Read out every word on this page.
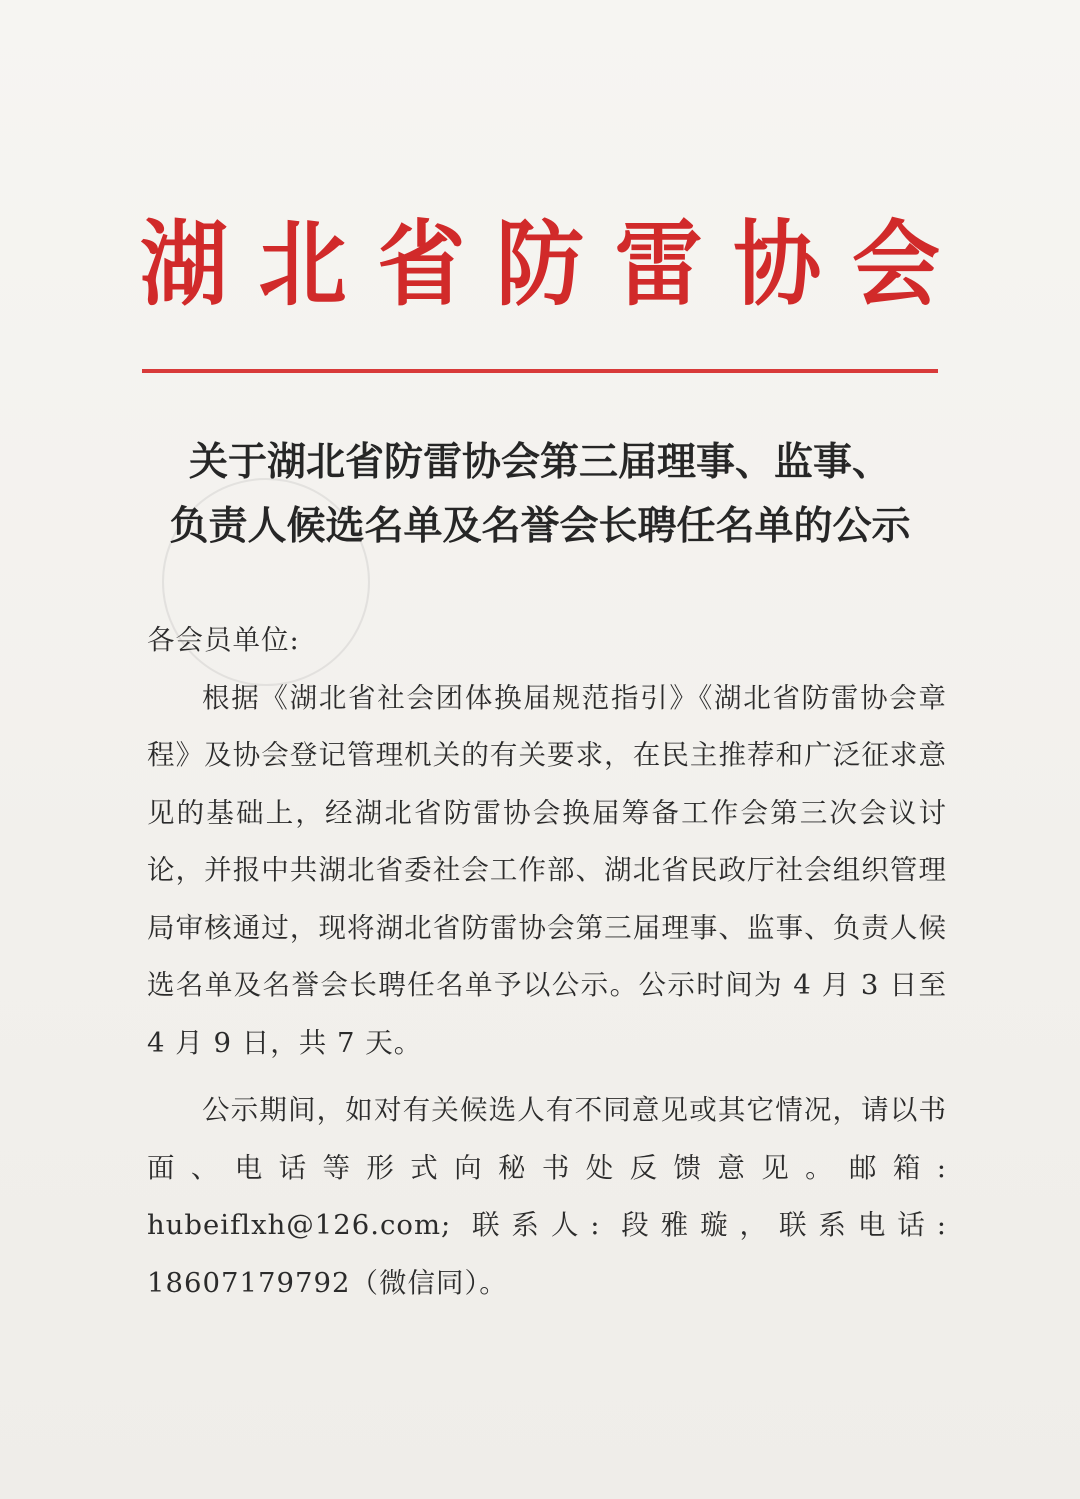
湖 北 省 防 雷 协 会
关于湖北省防雷协会第三届理事、监事、
负责人候选名单及名誉会长聘任名单的公示

各会员单位:

根据《湖北省社会团体换届规范指引》《湖北省防雷协会章程》及协会登记管理机关的有关要求，在民主推荐和广泛征求意见的基础上，经湖北省防雷协会换届筹备工作会第三次会议讨论，并报中共湖北省委社会工作部、湖北省民政厅社会组织管理局审核通过，现将湖北省防雷协会第三届理事、监事、负责人候选名单及名誉会长聘任名单予以公示。公示时间为 4 月 3 日至 4 月 9 日，共 7 天。

公示期间，如对有关候选人有不同意见或其它情况，请以书面、电话等形式向秘书处反馈意见。邮箱: hubeiflxh@126.com; 联系人: 段雅璇，联系电话: 18607179792（微信同）。
